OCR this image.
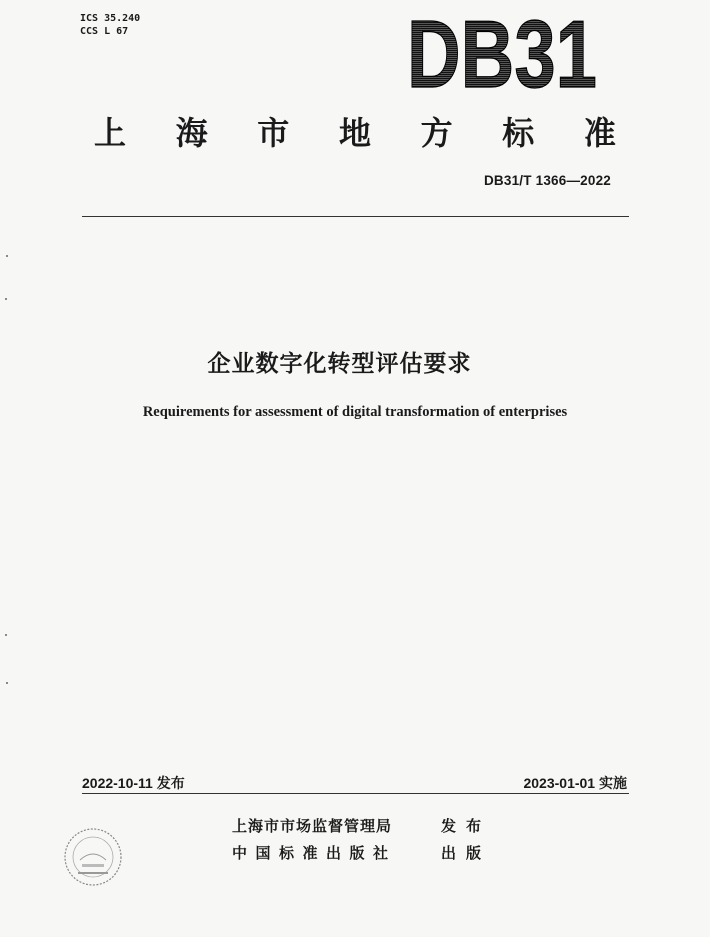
ICS 35.240
CCS L 67	DB31
上 海 市 地 方 标 准
DB31/T 1366—2022
企业数字化转型评估要求
Requirements for assessment of digital transformation of enterprises
2022-10-11 发布	2023-01-01 实施
上海市市场监督管理局	发布
中国标准出版社	出版
